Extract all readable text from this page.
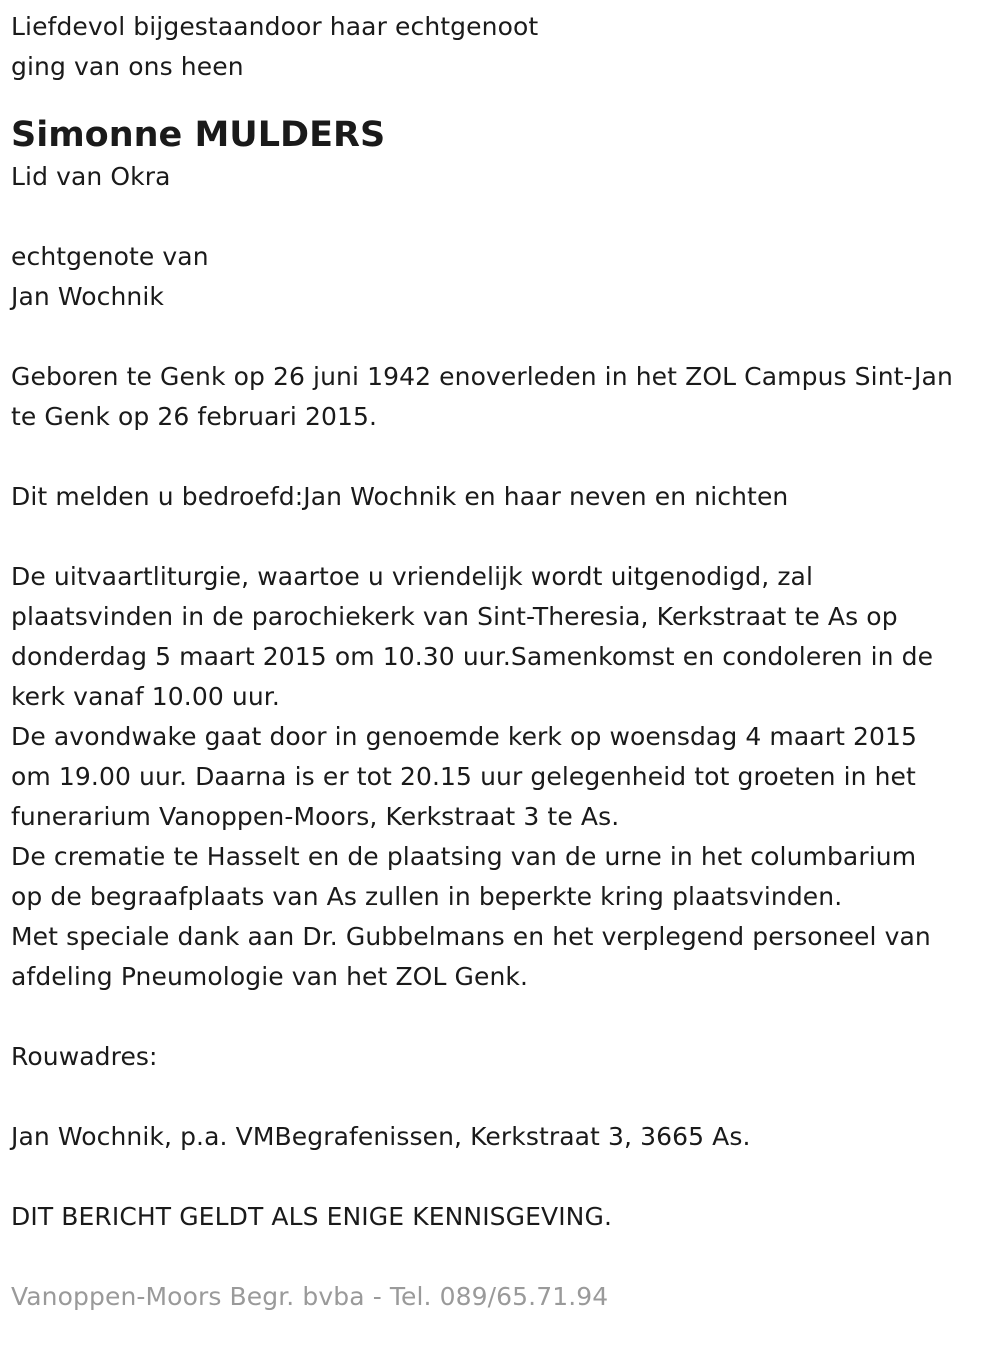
Liefdevol bijgestaandoor haar echtgenoot
ging van ons heen
Simonne MULDERS
Lid van Okra
echtgenote van
Jan Wochnik
Geboren te Genk op 26 juni 1942 enoverleden in het ZOL Campus Sint-Jan
te Genk op 26 februari 2015.
Dit melden u bedroefd:Jan Wochnik en haar neven en nichten
De uitvaartliturgie, waartoe u vriendelijk wordt uitgenodigd, zal
plaatsvinden in de parochiekerk van Sint-Theresia, Kerkstraat te As op
donderdag 5 maart 2015 om 10.30 uur.Samenkomst en condoleren in de
kerk vanaf 10.00 uur.
De avondwake gaat door in genoemde kerk op woensdag 4 maart 2015
om 19.00 uur. Daarna is er tot 20.15 uur gelegenheid tot groeten in het
funerarium Vanoppen-Moors, Kerkstraat 3 te As.
De crematie te Hasselt en de plaatsing van de urne in het columbarium
op de begraafplaats van As zullen in beperkte kring plaatsvinden.
Met speciale dank aan Dr. Gubbelmans en het verplegend personeel van
afdeling Pneumologie van het ZOL Genk.
Rouwadres:
Jan Wochnik, p.a. VMBegrafenissen, Kerkstraat 3, 3665 As.
DIT BERICHT GELDT ALS ENIGE KENNISGEVING.
Vanoppen-Moors Begr. bvba - Tel. 089/65.71.94
